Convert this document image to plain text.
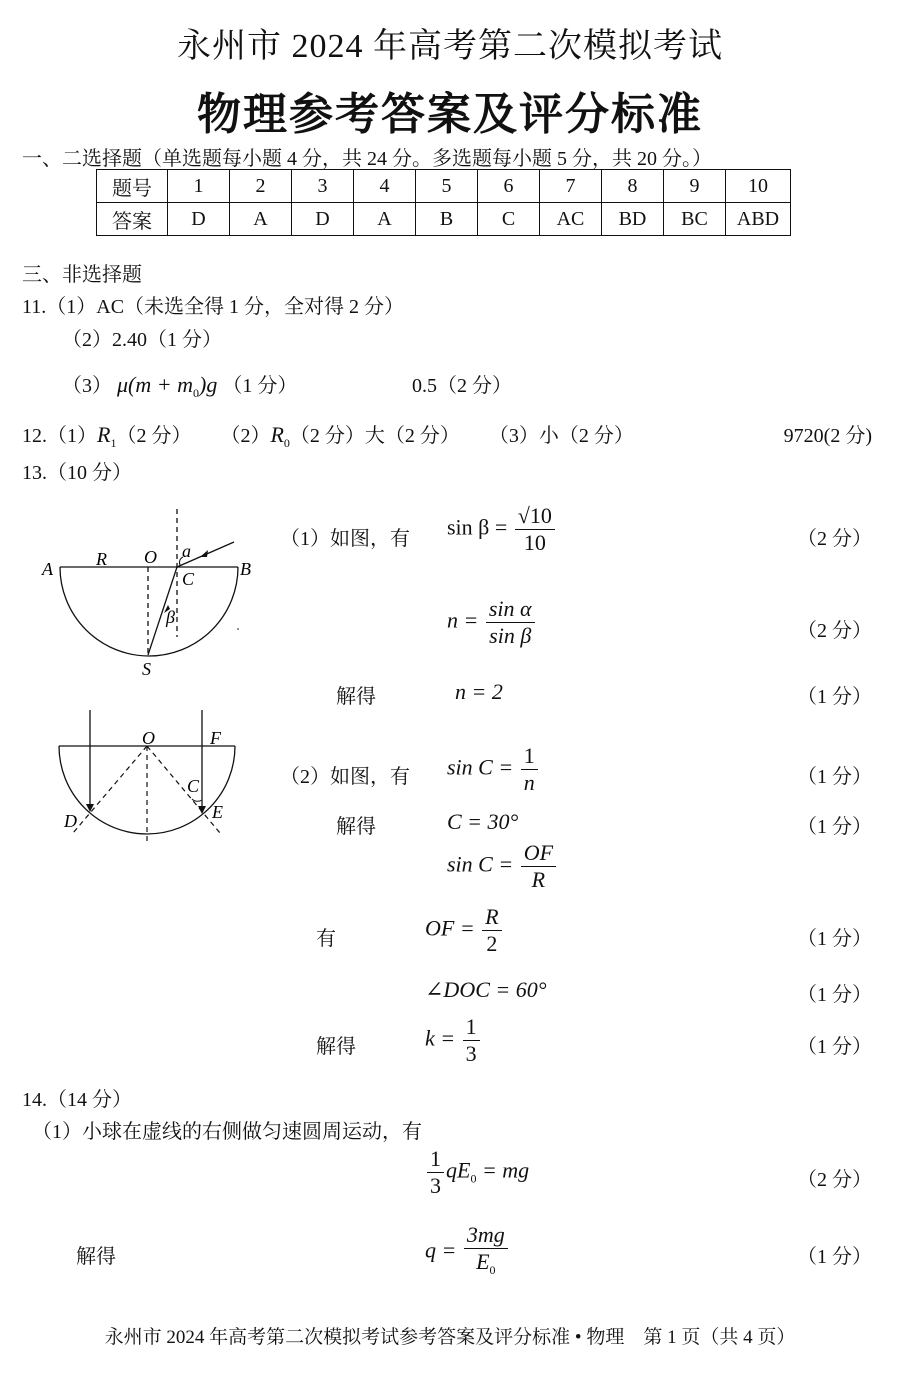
永州市 2024 年高考第二次模拟考试
物理参考答案及评分标准
一、二选择题（单选题每小题 4 分，共 24 分。多选题每小题 5 分，共 20 分。）
题号	1	2	3	4	5	6	7	8	9	10
答案	D	A	D	A	B	C	AC	BD	BC	ABD
三、非选择题
11.（1）AC（未选全得 1 分，全对得 2 分）
（2）2.40（1 分）
（3） $\mu(m + m_0)g$ （1 分）	0.5（2 分）
$12.(1)R_1(2$ 分） $(2)R_0(2$ 分）大（2 分） （3）小（2 分）	9720(2 分)
13.（10 分）
A R O a
C	B
β
S
O	F
C
D	E
（1）如图，有 $\sin \beta = \frac{√10}{10}$	（2 分）
$n = \frac{\text{sin α}}{\text{sin β}}$	（2 分）
解得	n = 2	（1 分）
（2）如图，有 $\sin C = \frac{1}{n}$	（1 分）
解得	C = 30°	（1 分）
$\sin C = \frac{OF}{R}$
有	OF = $\frac{R}{2}$	（1 分）
∠DOC = 60°	（1 分）
解得	$k = \frac{1}{3}$	（1 分）
14.（14 分）
（1）小球在虚线的右侧做匀速圆周运动，有
$\frac{1}{3} qE_0$ = mg	（2 分）
解得	$q = \frac{3mg}{E_0}$	（1 分）
永州市 2024 年高考第二次模拟考试参考答案及评分标准 • 物理　第 1 页（共 4 页）
